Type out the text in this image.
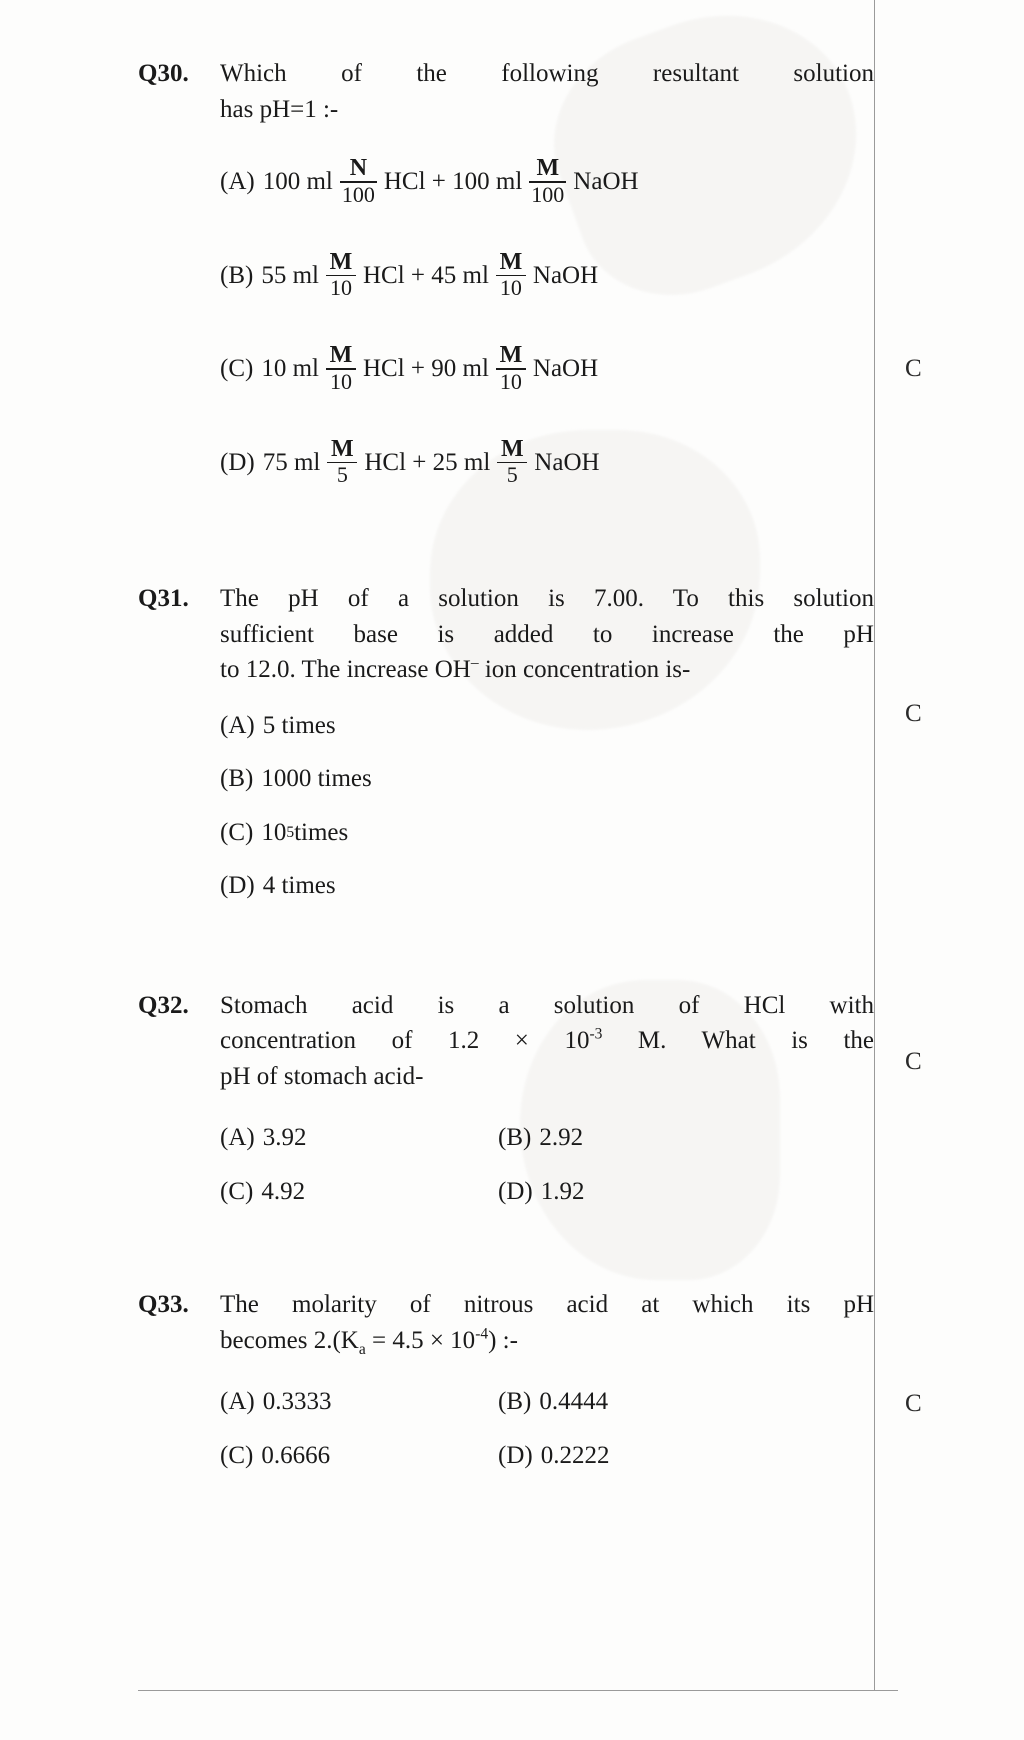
C
C
C
C
Q30.	Which of the following resultant solution
has pH=1 :-
(A) 100 ml $\frac{N}{100}$ HCl + 100 ml $\frac{M}{100}$ NaOH
(B) 55 ml $\frac{M}{10}$ HCl + 45 ml $\frac{M}{10}$ NaOH
(C) 10 ml $\frac{M}{10}$ HCl + 90 ml $\frac{M}{10}$ NaOH
(D) 75 ml $\frac{M}{5}$ HCl + 25 ml $\frac{M}{5}$ NaOH
Q31.	The pH of a solution is 7.00. To this solution
sufficient base is added to increase the pH
to 12.0. The increase OH– ion concentration is-
(A) 5 times
(B) 1000 times
(C) 10 5 times
(D) 4 times
Q32.	Stomach acid is a solution of HCl with
concentration of $1.2 \times 10^{-3}$ M. What is the
pH of stomach acid-
(A) 3.92	(B) 2.92
(C) 4.92	(D) 1.92
Q33.	The molarity of nitrous acid at which its pH
becomes $2.(K_a = 4.5 \times 10^{-4})$ :-
(A) 0.3333	(B) 0.4444
(C) 0.6666	(D) 0.2222
